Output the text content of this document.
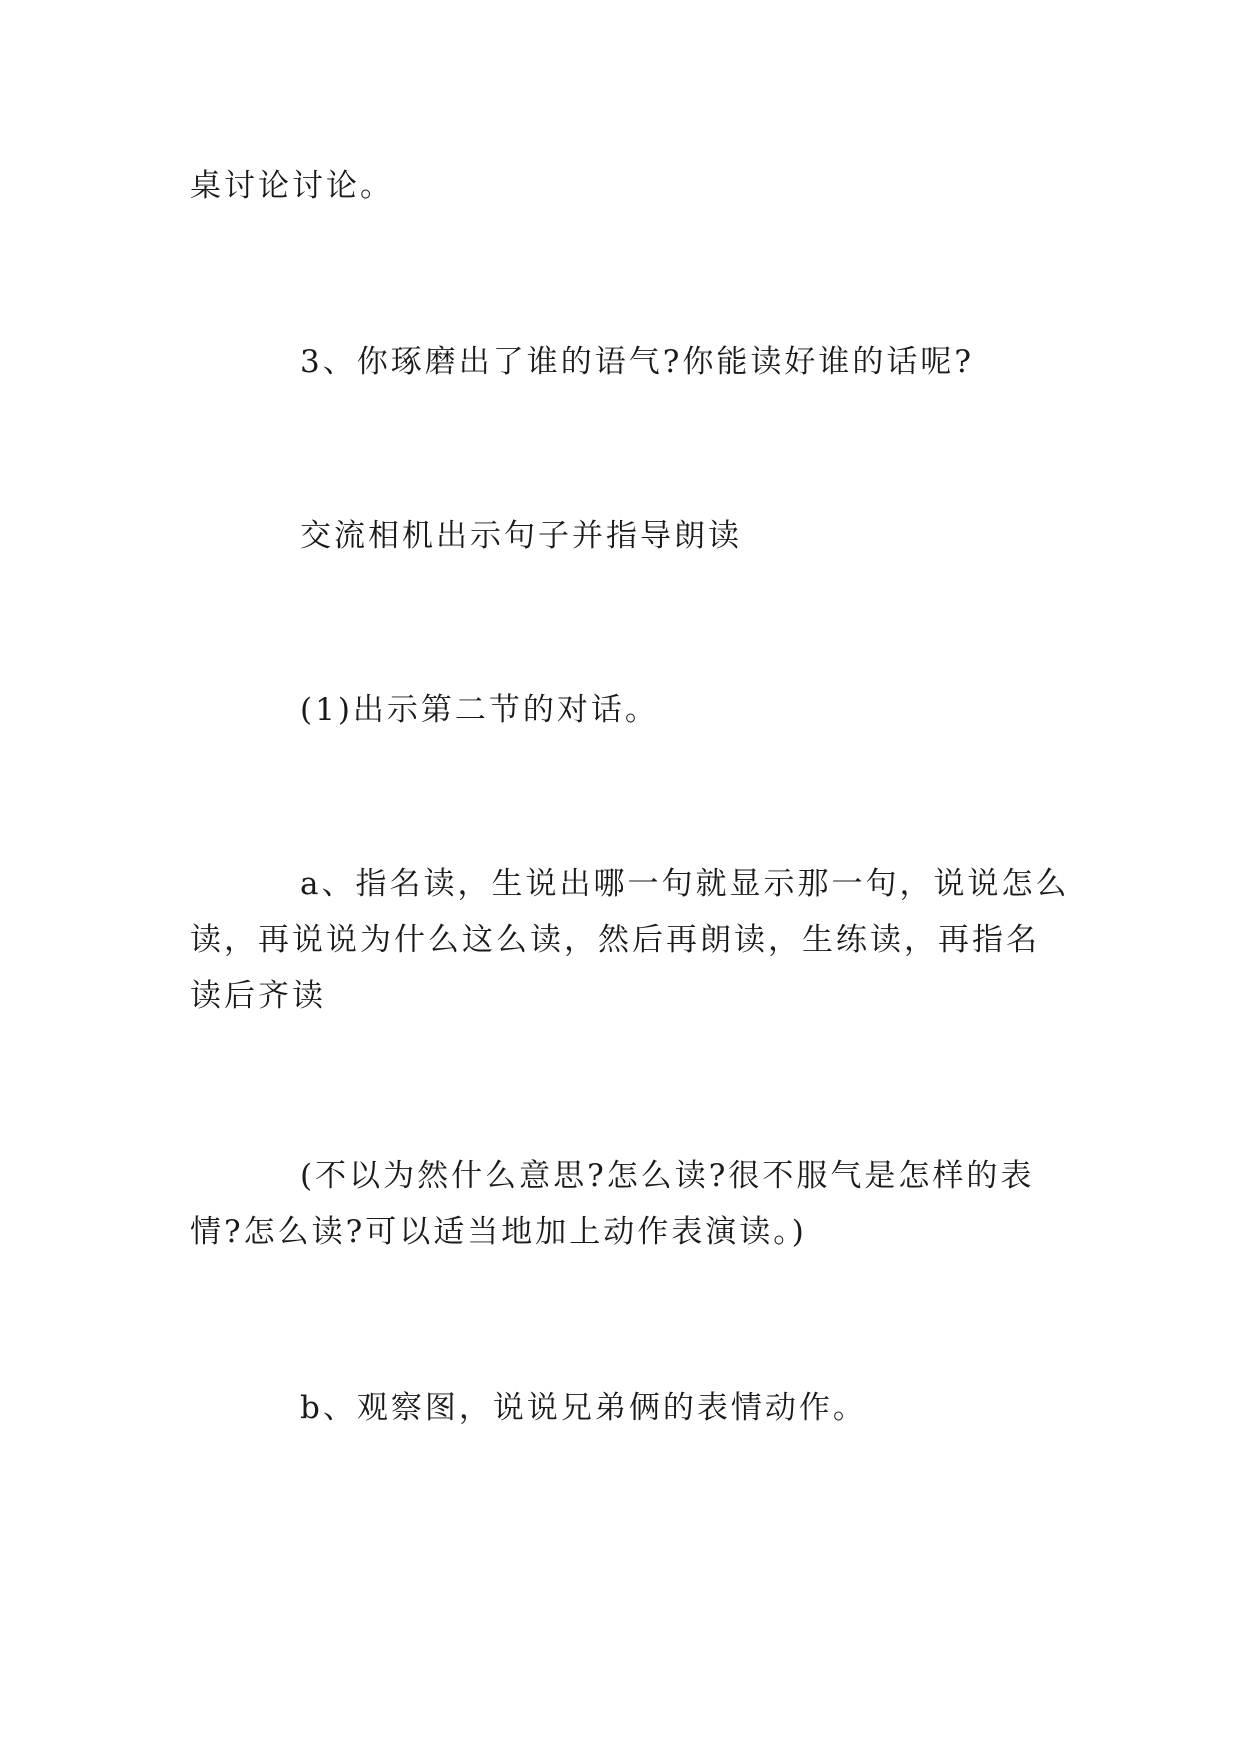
桌讨论讨论。

3、你琢磨出了谁的语气?你能读好谁的话呢?

交流相机出示句子并指导朗读

(1)出示第二节的对话。

a、指名读，生说出哪一句就显示那一句，说说怎么读，再说说为什么这么读，然后再朗读，生练读，再指名读后齐读

(不以为然什么意思?怎么读?很不服气是怎样的表情?怎么读?可以适当地加上动作表演读。)

b、观察图，说说兄弟俩的表情动作。
